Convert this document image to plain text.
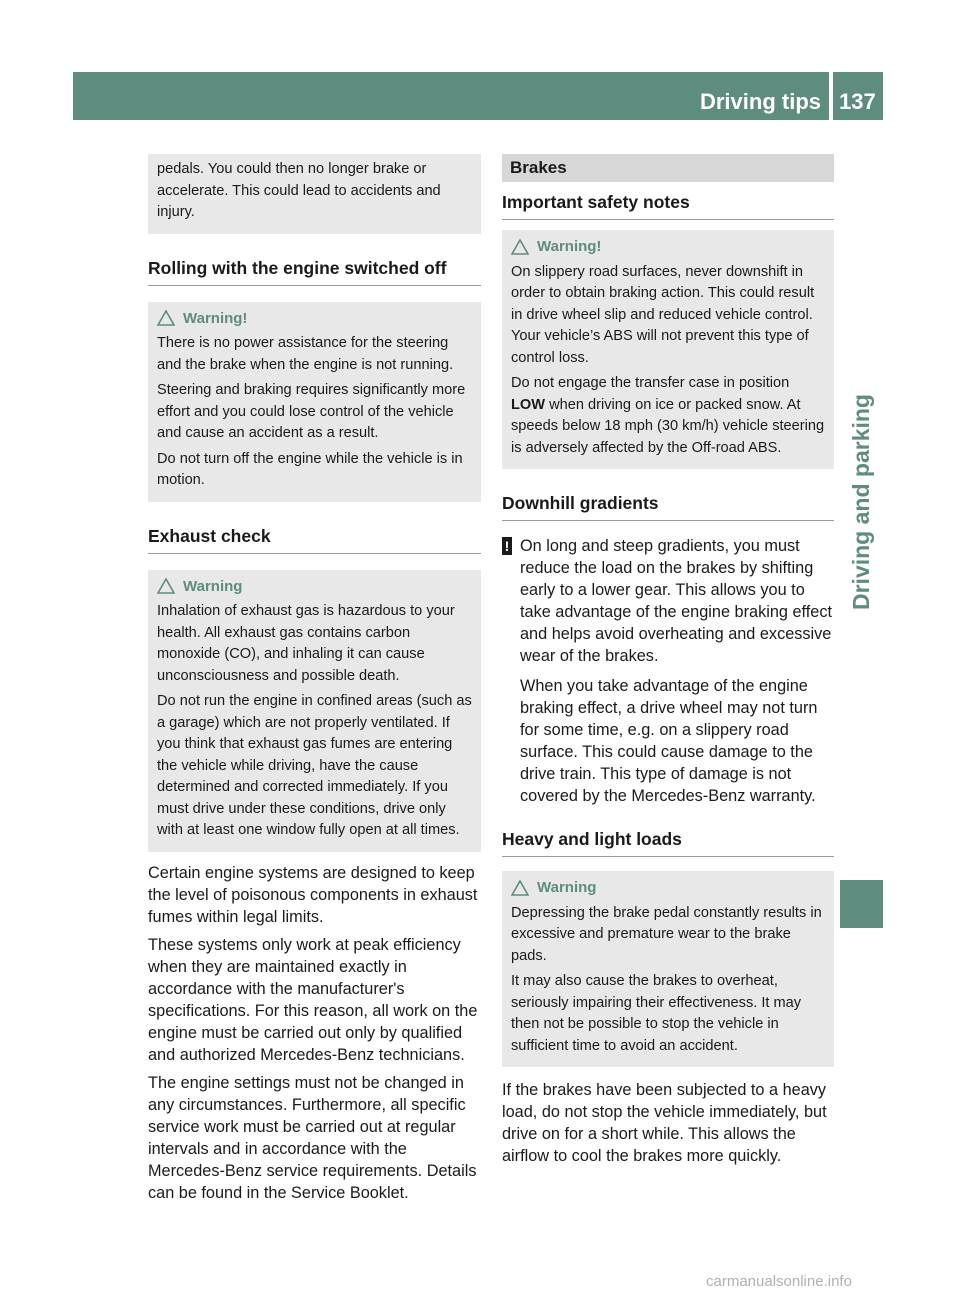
Driving tips 137
Driving and parking

pedals. You could then no longer brake or accelerate. This could lead to accidents and injury.

Rolling with the engine switched off
Warning!

There is no power assistance for the steering and the brake when the engine is not running.

Steering and braking requires significantly more effort and you could lose control of the vehicle and cause an accident as a result.

Do not turn off the engine while the vehicle is in motion.

Exhaust check
Warning

Inhalation of exhaust gas is hazardous to your health. All exhaust gas contains carbon monoxide (CO), and inhaling it can cause unconsciousness and possible death.

Do not run the engine in confined areas (such as a garage) which are not properly ventilated. If you think that exhaust gas fumes are entering the vehicle while driving, have the cause determined and corrected immediately. If you must drive under these conditions, drive only with at least one window fully open at all times.

Certain engine systems are designed to keep the level of poisonous components in exhaust fumes within legal limits.

These systems only work at peak efficiency when they are maintained exactly in accordance with the manufacturer's specifications. For this reason, all work on the engine must be carried out only by qualified and authorized Mercedes-Benz technicians.

The engine settings must not be changed in any circumstances. Furthermore, all specific service work must be carried out at regular intervals and in accordance with the Mercedes-Benz service requirements. Details can be found in the Service Booklet.

Brakes
Important safety notes
Warning!

On slippery road surfaces, never downshift in order to obtain braking action. This could result in drive wheel slip and reduced vehicle control. Your vehicle’s ABS will not prevent this type of control loss.

Do not engage the transfer case in position LOW when driving on ice or packed snow. At speeds below 18 mph (30 km/h) vehicle steering is adversely affected by the Off-road ABS.

Downhill gradients
! On long and steep gradients, you must reduce the load on the brakes by shifting early to a lower gear. This allows you to take advantage of the engine braking effect and helps avoid overheating and excessive wear of the brakes.

When you take advantage of the engine braking effect, a drive wheel may not turn for some time, e.g. on a slippery road surface. This could cause damage to the drive train. This type of damage is not covered by the Mercedes-Benz warranty.

Heavy and light loads
Warning

Depressing the brake pedal constantly results in excessive and premature wear to the brake pads.

It may also cause the brakes to overheat, seriously impairing their effectiveness. It may then not be possible to stop the vehicle in sufficient time to avoid an accident.

If the brakes have been subjected to a heavy load, do not stop the vehicle immediately, but drive on for a short while. This allows the airflow to cool the brakes more quickly.

carmanualsonline.info
